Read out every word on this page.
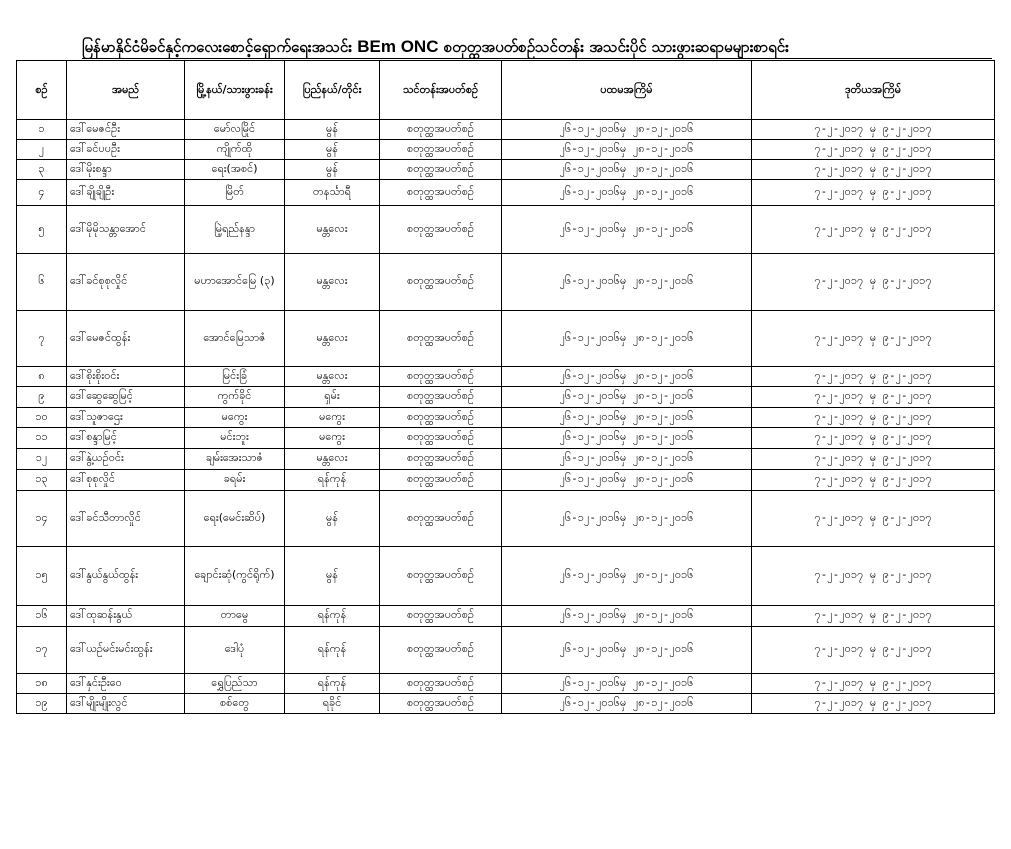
မြန်မာနိုင်ငံမိခင်နှင့်ကလေးစောင့်ရှောက်ရေးအသင်း BEm ONC စတုတ္ထအပတ်စဉ်သင်တန်း အသင်းပိုင် သားဖွားဆရာမများစာရင်း
စဉ်	အမည်	မြို့နယ်/သားဖွားခန်း	ပြည်နယ်/တိုင်း	သင်တန်းအပတ်စဉ်	ပထမအကြိမ်	ဒုတိယအကြိမ်
၁	ဒေါ်မေဇင်ဦး	မော်လမြိုင်	မွန်	စတုတ္ထအပတ်စဉ်	၂၆-၁၂-၂၀၁၆မှ ၂၈-၁၂-၂၀၁၆	၇-၂-၂၀၁၇ မှ ၉-၂-၂၀၁၇
၂	ဒေါ်ခင်ပပဦး	ကျိုက်ထို	မွန်	စတုတ္ထအပတ်စဉ်	၂၆-၁၂-၂၀၁၆မှ ၂၈-၁၂-၂၀၁၆	၇-၂-၂၀၁၇ မှ ၉-၂-၂၀၁၇
၃	ဒေါ်မိုးစန္ဒာ	ရေး(အစင်)	မွန်	စတုတ္ထအပတ်စဉ်	၂၆-၁၂-၂၀၁၆မှ ၂၈-၁၂-၂၀၁၆	၇-၂-၂၀၁၇ မှ ၉-၂-၂၀၁၇
၄	ဒေါ်ချိုချိုဦး	မြိတ်	တနင်္သာရီ	စတုတ္ထအပတ်စဉ်	၂၆-၁၂-၂၀၁၆မှ ၂၈-၁၂-၂၀၁၆	၇-၂-၂၀၁၇ မှ ၉-၂-၂၀၁၇
၅	ဒေါ်မိုမိုသန္တာအောင်	မြဲ့ရည်နန္ဒာ	မန္တလေး	စတုတ္ထအပတ်စဉ်	၂၆-၁၂-၂၀၁၆မှ ၂၈-၁၂-၂၀၁၆	၇-၂-၂၀၁၇ မှ ၉-၂-၂၀၁၇
၆	ဒေါ်ခင်စုစုလှိုင်	မဟာအောင်မြေ (၃)	မန္တလေး	စတုတ္ထအပတ်စဉ်	၂၆-၁၂-၂၀၁၆မှ ၂၈-၁၂-၂၀၁၆	၇-၂-၂၀၁၇ မှ ၉-၂-၂၀၁၇
၇	ဒေါ်မေဇင်ထွန်း	အောင်မြေသာဇံ	မန္တလေး	စတုတ္ထအပတ်စဉ်	၂၆-၁၂-၂၀၁၆မှ ၂၈-၁၂-၂၀၁၆	၇-၂-၂၀၁၇ မှ ၉-၂-၂၀၁၇
၈	ဒေါ်စိုးစိုးဝင်း	မြင်းခြံ	မန္တလေး	စတုတ္ထအပတ်စဉ်	၂၆-၁၂-၂၀၁၆မှ ၂၈-၁၂-၂၀၁၆	၇-၂-၂၀၁၇ မှ ၉-၂-၂၀၁၇
၉	ဒေါ်ဆွေဆွေမြင့်	ကွက်ခိုင်	ရှမ်း	စတုတ္ထအပတ်စဉ်	၂၆-၁၂-၂၀၁၆မှ ၂၈-၁၂-၂၀၁၆	၇-၂-၂၀၁၇ မှ ၉-၂-၂၀၁၇
၁၀	ဒေါ်သူဇာဌေး	မကွေး	မကွေး	စတုတ္ထအပတ်စဉ်	၂၆-၁၂-၂၀၁၆မှ ၂၈-၁၂-၂၀၁၆	၇-၂-၂၀၁၇ မှ ၉-၂-၂၀၁၇
၁၁	ဒေါ်စန္ဒာမြင့်	မင်းဘူး	မကွေး	စတုတ္ထအပတ်စဉ်	၂၆-၁၂-၂၀၁၆မှ ၂၈-၁၂-၂၀၁၆	၇-၂-၂၀၁၇ မှ ၉-၂-၂၀၁၇
၁၂	ဒေါ်နွဲ့ယဉ်ဝင်း	ချမ်းအေးသာဇံ	မန္တလေး	စတုတ္ထအပတ်စဉ်	၂၆-၁၂-၂၀၁၆မှ ၂၈-၁၂-၂၀၁၆	၇-၂-၂၀၁၇ မှ ၉-၂-၂၀၁၇
၁၃	ဒေါ်စုစုလှိုင်	ခရမ်း	ရန်ကုန်	စတုတ္ထအပတ်စဉ်	၂၆-၁၂-၂၀၁၆မှ ၂၈-၁၂-၂၀၁၆	၇-၂-၂၀၁၇ မှ ၉-၂-၂၀၁၇
၁၄	ဒေါ်ခင်သီတာလှိုင်	ရေး(မေင်းဆိပ်)	မွန်	စတုတ္ထအပတ်စဉ်	၂၆-၁၂-၂၀၁၆မှ ၂၈-၁၂-၂၀၁၆	၇-၂-၂၀၁၇ မှ ၉-၂-၂၀၁၇
၁၅	ဒေါ်နွယ်နွယ်ထွန်း	ချောင်းဆုံ(ကွင်ရိုက်)	မွန်	စတုတ္ထအပတ်စဉ်	၂၆-၁၂-၂၀၁၆မှ ၂၈-၁၂-၂၀၁၆	၇-၂-၂၀၁၇ မှ ၉-၂-၂၀၁၇
၁၆	ဒေါ်ထုဆန်းနွယ်	တာမွေ	ရန်ကုန်	စတုတ္ထအပတ်စဉ်	၂၆-၁၂-၂၀၁၆မှ ၂၈-၁၂-၂၀၁၆	၇-၂-၂၀၁၇ မှ ၉-၂-၂၀၁၇
၁၇	ဒေါ်ယဉ်မင်းမင်းထွန်း	ဒေါပုံ	ရန်ကုန်	စတုတ္ထအပတ်စဉ်	၂၆-၁၂-၂၀၁၆မှ ၂၈-၁၂-၂၀၁၆	၇-၂-၂၀၁၇ မှ ၉-၂-၂၀၁၇
၁၈	ဒေါ်နှင်းဦးဝေ	ရွှေပြည်သာ	ရန်ကုန်	စတုတ္ထအပတ်စဉ်	၂၆-၁၂-၂၀၁၆မှ ၂၈-၁၂-၂၀၁၆	၇-၂-၂၀၁၇ မှ ၉-၂-၂၀၁၇
၁၉	ဒေါ်မျိုးမျိုးလွင်	စစ်တွေ	ရခိုင်	စတုတ္ထအပတ်စဉ်	၂၆-၁၂-၂၀၁၆မှ ၂၈-၁၂-၂၀၁၆	၇-၂-၂၀၁၇ မှ ၉-၂-၂၀၁၇
